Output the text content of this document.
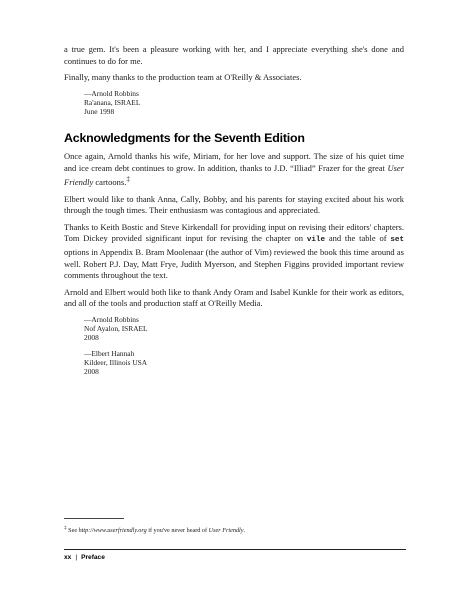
a true gem. It's been a pleasure working with her, and I appreciate everything she's done and continues to do for me.

Finally, many thanks to the production team at O'Reilly & Associates.

—Arnold Robbins
Ra'anana, ISRAEL
June 1998
Acknowledgments for the Seventh Edition

Once again, Arnold thanks his wife, Miriam, for her love and support. The size of his quiet time and ice cream debt continues to grow. In addition, thanks to J.D. “Illiad” Frazer for the great User Friendly cartoons.‡

Elbert would like to thank Anna, Cally, Bobby, and his parents for staying excited about his work through the tough times. Their enthusiasm was contagious and appreciated.

Thanks to Keith Bostic and Steve Kirkendall for providing input on revising their editors' chapters. Tom Dickey provided significant input for revising the chapter on vile and the table of set options in Appendix B. Bram Moolenaar (the author of Vim) reviewed the book this time around as well. Robert P.J. Day, Matt Frye, Judith Myerson, and Stephen Figgins provided important review comments throughout the text.

Arnold and Elbert would both like to thank Andy Oram and Isabel Kunkle for their work as editors, and all of the tools and production staff at O'Reilly Media.

—Arnold Robbins
Nof Ayalon, ISRAEL
2008
—Elbert Hannah
Kildeer, Illinois USA
2008
‡ See http://www.userfriendly.org if you've never heard of User Friendly.
xx | Preface
